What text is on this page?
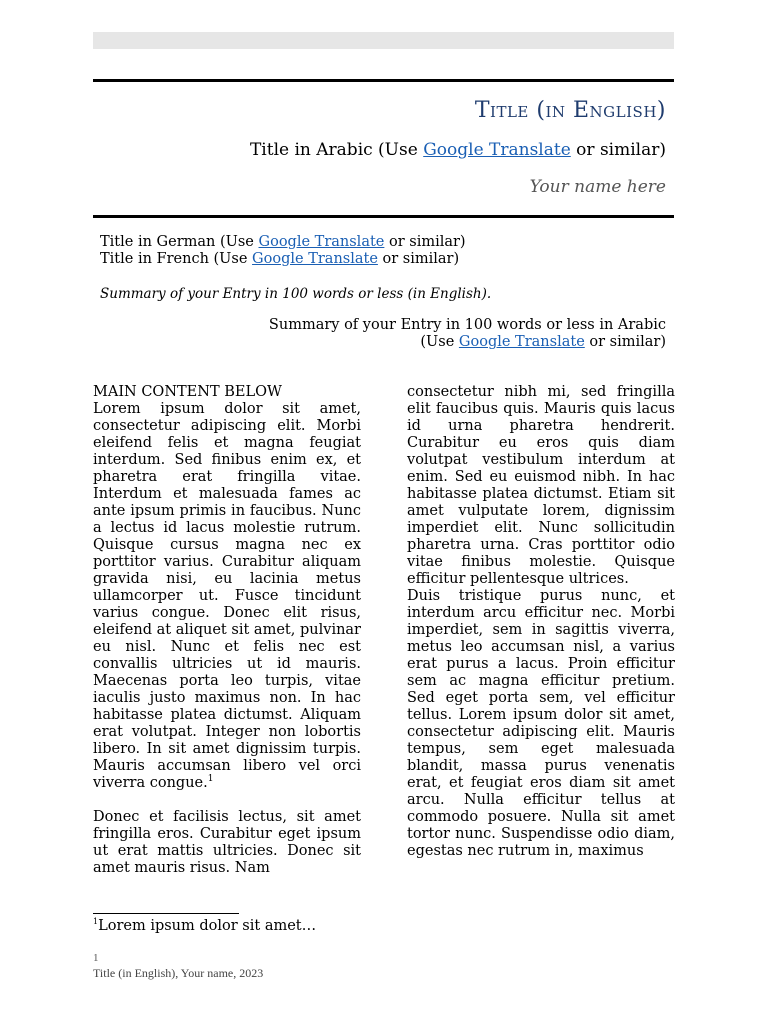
Title (in English)
Title in Arabic (Use Google Translate or similar)
Your name here
Title in German (Use Google Translate or similar)
Title in French (Use Google Translate or similar)
Summary of your Entry in 100 words or less (in English).
Summary of your Entry in 100 words or less in Arabic
(Use Google Translate or similar)

MAIN CONTENT BELOW

Lorem ipsum dolor sit amet, consectetur adipiscing elit. Morbi eleifend felis et magna feugiat interdum. Sed finibus enim ex, et pharetra erat fringilla vitae. Interdum et malesuada fames ac ante ipsum primis in faucibus. Nunc a lectus id lacus molestie rutrum. Quisque cursus magna nec ex porttitor varius. Curabitur aliquam gravida nisi, eu lacinia metus ullamcorper ut. Fusce tincidunt varius congue. Donec elit risus, eleifend at aliquet sit amet, pulvinar eu nisl. Nunc et felis nec est convallis ultricies ut id mauris. Maecenas porta leo turpis, vitae iaculis justo maximus non. In hac habitasse platea dictumst. Aliquam erat volutpat. Integer non lobortis libero. In sit amet dignissim turpis. Mauris accumsan libero vel orci viverra congue.$^1$

Donec et facilisis lectus, sit amet fringilla eros. Curabitur eget ipsum ut erat mattis ultricies. Donec sit amet mauris risus. Nam

consectetur nibh mi, sed fringilla elit faucibus quis. Mauris quis lacus id urna pharetra hendrerit. Curabitur eu eros quis diam volutpat vestibulum interdum at enim. Sed eu euismod nibh. In hac habitasse platea dictumst. Etiam sit amet vulputate lorem, dignissim imperdiet elit. Nunc sollicitudin pharetra urna. Cras porttitor odio vitae finibus molestie. Quisque efficitur pellentesque ultrices.

Duis tristique purus nunc, et interdum arcu efficitur nec. Morbi imperdiet, sem in sagittis viverra, metus leo accumsan nisl, a varius erat purus a lacus. Proin efficitur sem ac magna efficitur pretium. Sed eget porta sem, vel efficitur tellus. Lorem ipsum dolor sit amet, consectetur adipiscing elit. Mauris tempus, sem eget malesuada blandit, massa purus venenatis erat, et feugiat eros diam sit amet arcu. Nulla efficitur tellus at commodo posuere. Nulla sit amet tortor nunc. Suspendisse odio diam, egestas nec rutrum in, maximus

$^1$Lorem ipsum dolor sit amet…
1
Title (in English), Your name, 2023
